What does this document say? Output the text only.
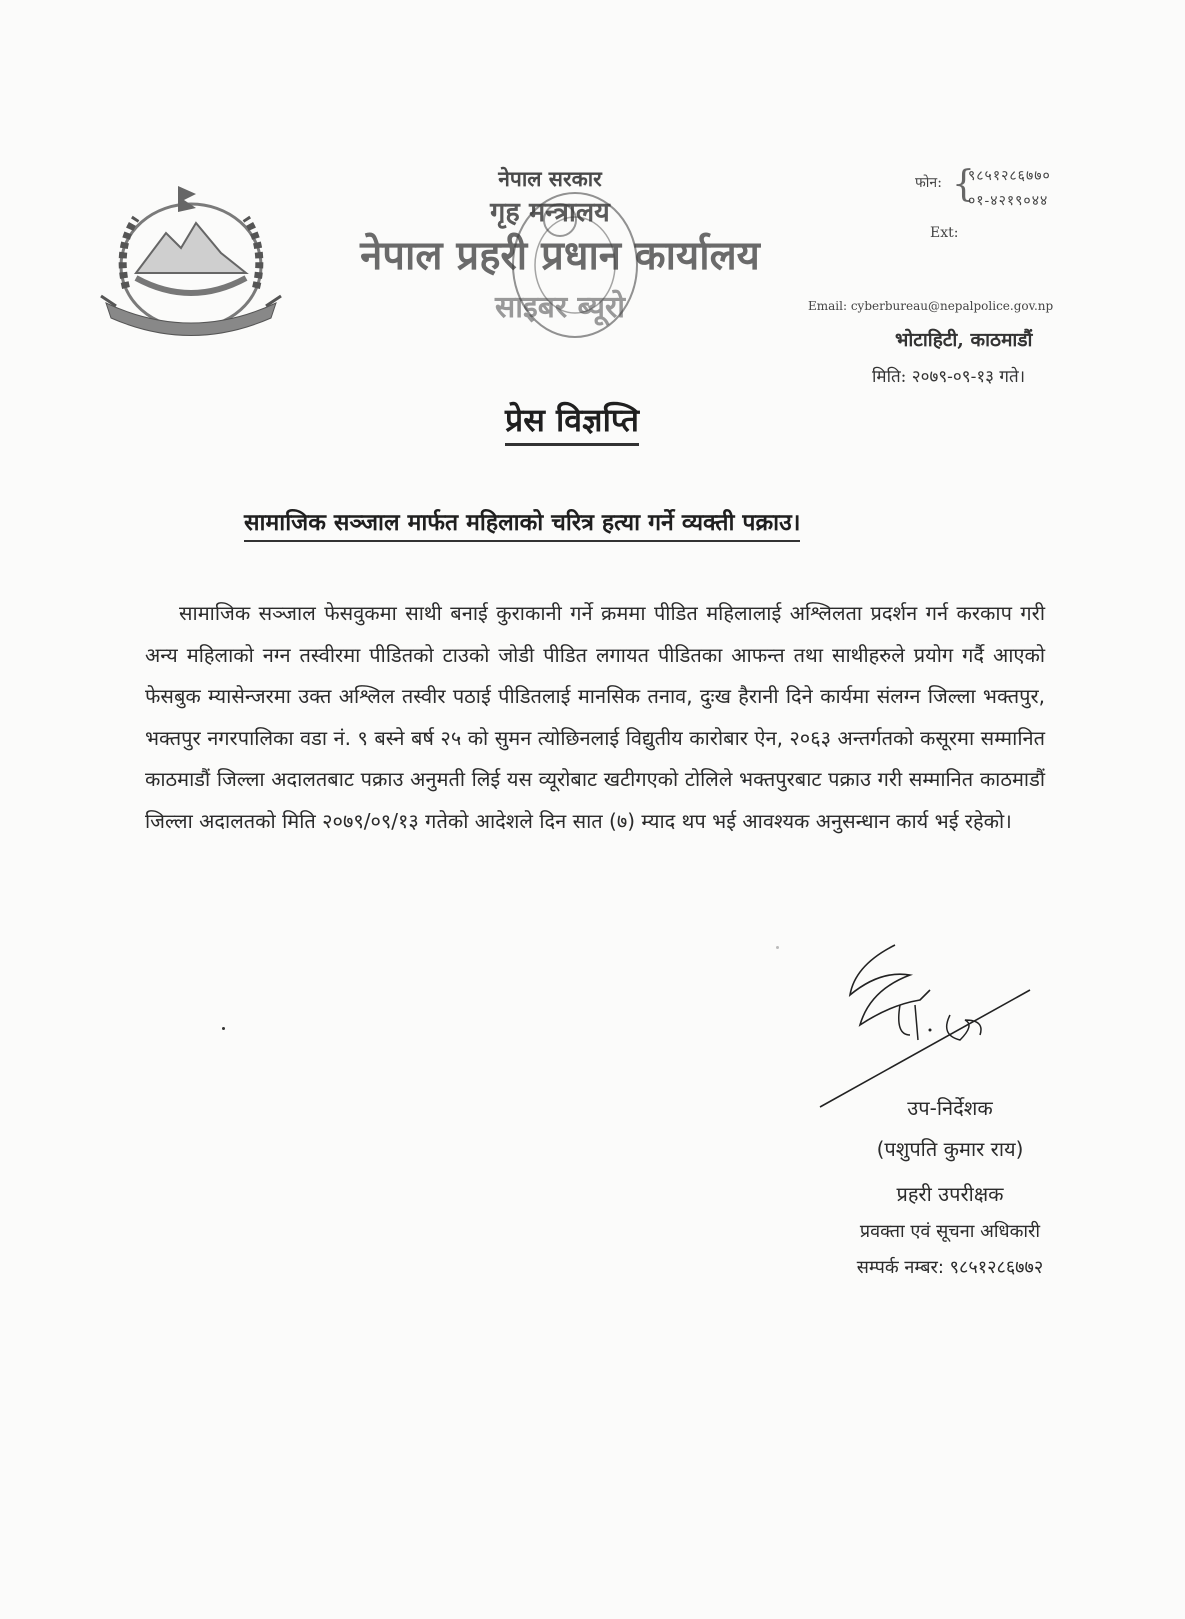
नेपाल सरकार
गृह मन्त्रालय
नेपाल प्रहरी प्रधान कार्यालय
साइबर ब्यूरो
फोन: {
९८५१२८६७७०
०१-४२१९०४४
Ext:
Email: cyberbureau@nepalpolice.gov.np
भोटाहिटी, काठमाडौं
मिति: २०७९-०९-१३ गते।
प्रेस विज्ञप्ति
सामाजिक सञ्जाल मार्फत महिलाको चरित्र हत्या गर्ने व्यक्ती पक्राउ।

सामाजिक सञ्जाल फेसवुकमा साथी बनाई कुराकानी गर्ने क्रममा पीडित महिलालाई अश्लिलता प्रदर्शन गर्न करकाप गरी अन्य महिलाको नग्न तस्वीरमा पीडितको टाउको जोडी पीडित लगायत पीडितका आफन्त तथा साथीहरुले प्रयोग गर्दै आएको फेसबुक म्यासेन्जरमा उक्त अश्लिल तस्वीर पठाई पीडितलाई मानसिक तनाव, दुःख हैरानी दिने कार्यमा संलग्न जिल्ला भक्तपुर, भक्तपुर नगरपालिका वडा नं. ९ बस्ने बर्ष २५ को सुमन त्योछिनलाई विद्युतीय कारोबार ऐन, २०६३ अन्तर्गतको कसूरमा सम्मानित काठमाडौं जिल्ला अदालतबाट पक्राउ अनुमती लिई यस व्यूरोबाट खटीगएको टोलिले भक्तपुरबाट पक्राउ गरी सम्मानित काठमाडौं जिल्ला अदालतको मिति २०७९/०९/१३ गतेको आदेशले दिन सात (७) म्याद थप भई आवश्यक अनुसन्धान कार्य भई रहेको।

उप-निर्देशक
(पशुपति कुमार राय)
प्रहरी उपरीक्षक
प्रवक्ता एवं सूचना अधिकारी
सम्पर्क नम्बर: ९८५१२८६७७२
